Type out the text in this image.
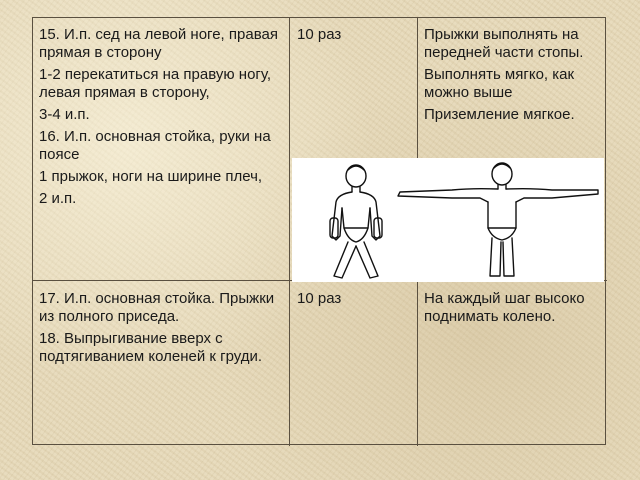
15. И.п. сед на левой ноге, правая прямая в сторону

1-2 перекатиться на правую ногу, левая прямая в сторону,

3-4 и.п.

16. И.п. основная стойка, руки на поясе

1 прыжок, ноги на ширине плеч,

2 и.п.

10 раз	Прыжки выполнять на передней части стопы.

Выполнять мягко, как можно выше

Приземление мягкое.

17. И.п. основная стойка. Прыжки из полного приседа.

18. Выпрыгивание вверх с подтягиванием коленей к груди.

10 раз	На каждый шаг высоко поднимать колено.
